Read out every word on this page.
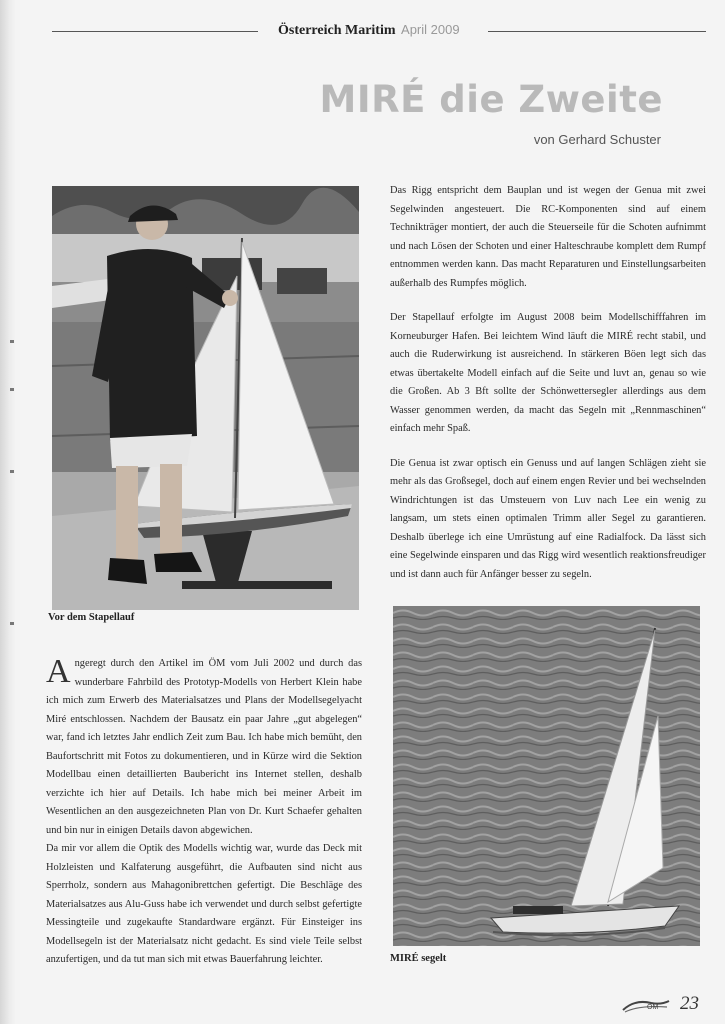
Österreich Maritim April 2009
MIRÉ die Zweite
von Gerhard Schuster
Vor dem Stapellauf

Das Rigg entspricht dem Bauplan und ist wegen der Genua mit zwei Segelwinden angesteuert. Die RC-Komponenten sind auf einem Technikträger montiert, der auch die Steuerseile für die Schoten aufnimmt und nach Lösen der Schoten und einer Halteschraube komplett dem Rumpf entnommen werden kann. Das macht Reparaturen und Einstellungsarbeiten außerhalb des Rumpfes möglich.

Der Stapellauf erfolgte im August 2008 beim Modellschifffahren im Korneuburger Hafen. Bei leichtem Wind läuft die MIRÉ recht stabil, und auch die Ruderwirkung ist ausreichend. In stärkeren Böen legt sich das etwas übertakelte Modell einfach auf die Seite und luvt an, genau so wie die Großen. Ab 3 Bft sollte der Schönwettersegler allerdings aus dem Wasser genommen werden, da macht das Segeln mit „Rennmaschinen“ einfach mehr Spaß.

Die Genua ist zwar optisch ein Genuss und auf langen Schlägen zieht sie mehr als das Großsegel, doch auf einem engen Revier und bei wechselnden Windrichtungen ist das Umsteuern von Luv nach Lee ein wenig zu langsam, um stets einen optimalen Trimm aller Segel zu garantieren. Deshalb überlege ich eine Umrüstung auf eine Radialfock. Da lässt sich eine Segelwinde einsparen und das Rigg wird wesentlich reaktionsfreudiger und ist dann auch für Anfänger besser zu segeln.

MIRÉ segelt

Angeregt durch den Artikel im ÖM vom Juli 2002 und durch das wunderbare Fahrbild des Prototyp-Modells von Herbert Klein habe ich mich zum Erwerb des Materialsatzes und Plans der Modellsegelyacht Miré entschlossen. Nachdem der Bausatz ein paar Jahre „gut abgelegen“ war, fand ich letztes Jahr endlich Zeit zum Bau. Ich habe mich bemüht, den Baufortschritt mit Fotos zu dokumentieren, und in Kürze wird die Sektion Modellbau einen detaillierten Baubericht ins Internet stellen, deshalb verzichte ich hier auf Details. Ich habe mich bei meiner Arbeit im Wesentlichen an den ausgezeichneten Plan von Dr. Kurt Schaefer gehalten und bin nur in einigen Details davon abgewichen.

Da mir vor allem die Optik des Modells wichtig war, wurde das Deck mit Holzleisten und Kalfaterung ausgeführt, die Aufbauten sind nicht aus Sperrholz, sondern aus Mahagonibrettchen gefertigt. Die Beschläge des Materialsatzes aus Alu-Guss habe ich verwendet und durch selbst gefertigte Messingteile und zugekaufte Standardware ergänzt. Für Einsteiger ins Modellsegeln ist der Materialsatz nicht gedacht. Es sind viele Teile selbst anzufertigen, und da tut man sich mit etwas Bauerfahrung leichter.

ÖM 23
